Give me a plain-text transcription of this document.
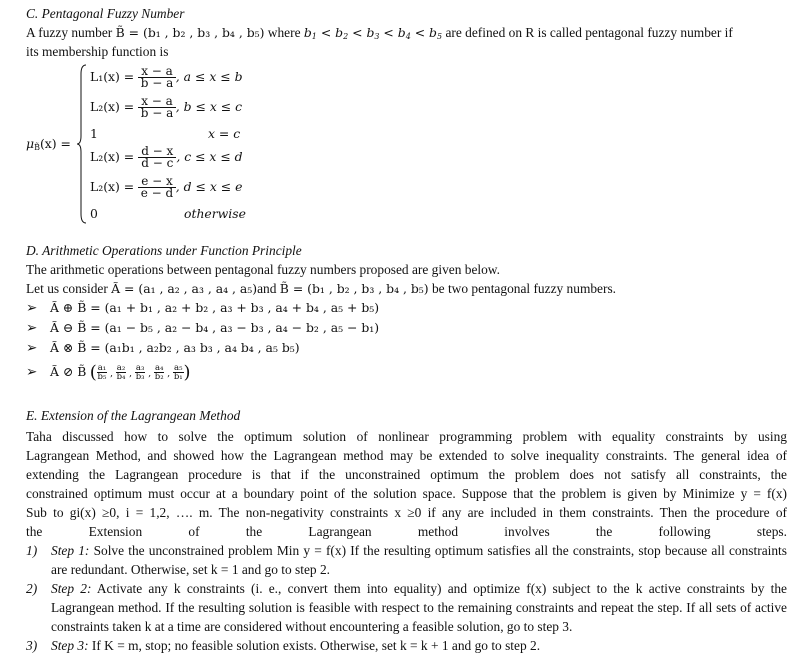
C. Pentagonal Fuzzy Number
A fuzzy number B̃ = (b₁ , b₂ , b₃ , b₄ , b₅) where $b_1 < b_2 < b_3 < b_4 < b_5$ are defined on R is called pentagonal fuzzy number if
its membership function is
$\mu_{B̃}(x)$ =
$L_1(x) = \frac{x - a}{b - a}$ , a ≤ x ≤ b
$L_2(x) = \frac{x - a}{b - a}$ , b ≤ x ≤ c
1	x = c
$L_2(x) = \frac{d - x}{d - c}$ , c ≤ x ≤ d
$L_2(x) = \frac{e - x}{e - d}$ , d ≤ x ≤ e
0	otherwise
D. Arithmetic Operations under Function Principle
The arithmetic operations between pentagonal fuzzy numbers proposed are given below.
Let us consider Ã = (a₁ , a₂ , a₃ , a₄ , a₅)and B̃ = (b₁ , b₂ , b₃ , b₄ , b₅) be two pentagonal fuzzy numbers.
➢ Ã ⊕ B̃ = (a₁ + b₁ , a₂ + b₂ , a₃ + b₃ , a₄ + b₄ , a₅ + b₅)
➢ Ã ⊖ B̃ = (a₁ − b₅ , a₂ − b₄ , a₃ − b₃ , a₄ − b₂ , a₅ − b₁)
➢ Ã ⊗ B̃ = (a₁b₁ , a₂b₂ , a₃ b₃ , a₄ b₄ , a₅ b₅)
➢ Ã ⊘ B̃ ( $\frac{\text{a₁}}{\text{b₅}}$ , $\frac{\text{a₂}}{\text{b₄}}$ , $\frac{\text{a₃}}{\text{b₃}}$ , $\frac{\text{a₄}}{\text{b₂}}$ , $\frac{\text{a₅}}{\text{b₁}}$ )
E. Extension of the Lagrangean Method
Taha discussed how to solve the optimum solution of nonlinear programming problem with equality constraints by using
Lagrangean Method, and showed how the Lagrangean method may be extended to solve inequality constraints. The general idea of
extending the Lagrangean procedure is that if the unconstrained optimum the problem does not satisfy all constraints, the
constrained optimum must occur at a boundary point of the solution space. Suppose that the problem is given by Minimize y = f(x)
Sub to gi(x) ≥0, i = 1,2, …. m. The non-negativity constraints x ≥0 if any are included in them constraints. Then the procedure of
the Extension of the Lagrangean method involves the following steps.
1)	Step 1: Solve the unconstrained problem Min y = f(x) If the resulting optimum satisfies all the constraints, stop because all constraints are redundant. Otherwise, set k = 1 and go to step 2.
2)	Step 2: Activate any k constraints (i. e., convert them into equality) and optimize f(x) subject to the k active constraints by the Lagrangean method. If the resulting solution is feasible with respect to the remaining constraints and repeat the step. If all sets of active constraints taken k at a time are considered without encountering a feasible solution, go to step 3.
3)	Step 3: If K = m, stop; no feasible solution exists. Otherwise, set k = k + 1 and go to step 2.
